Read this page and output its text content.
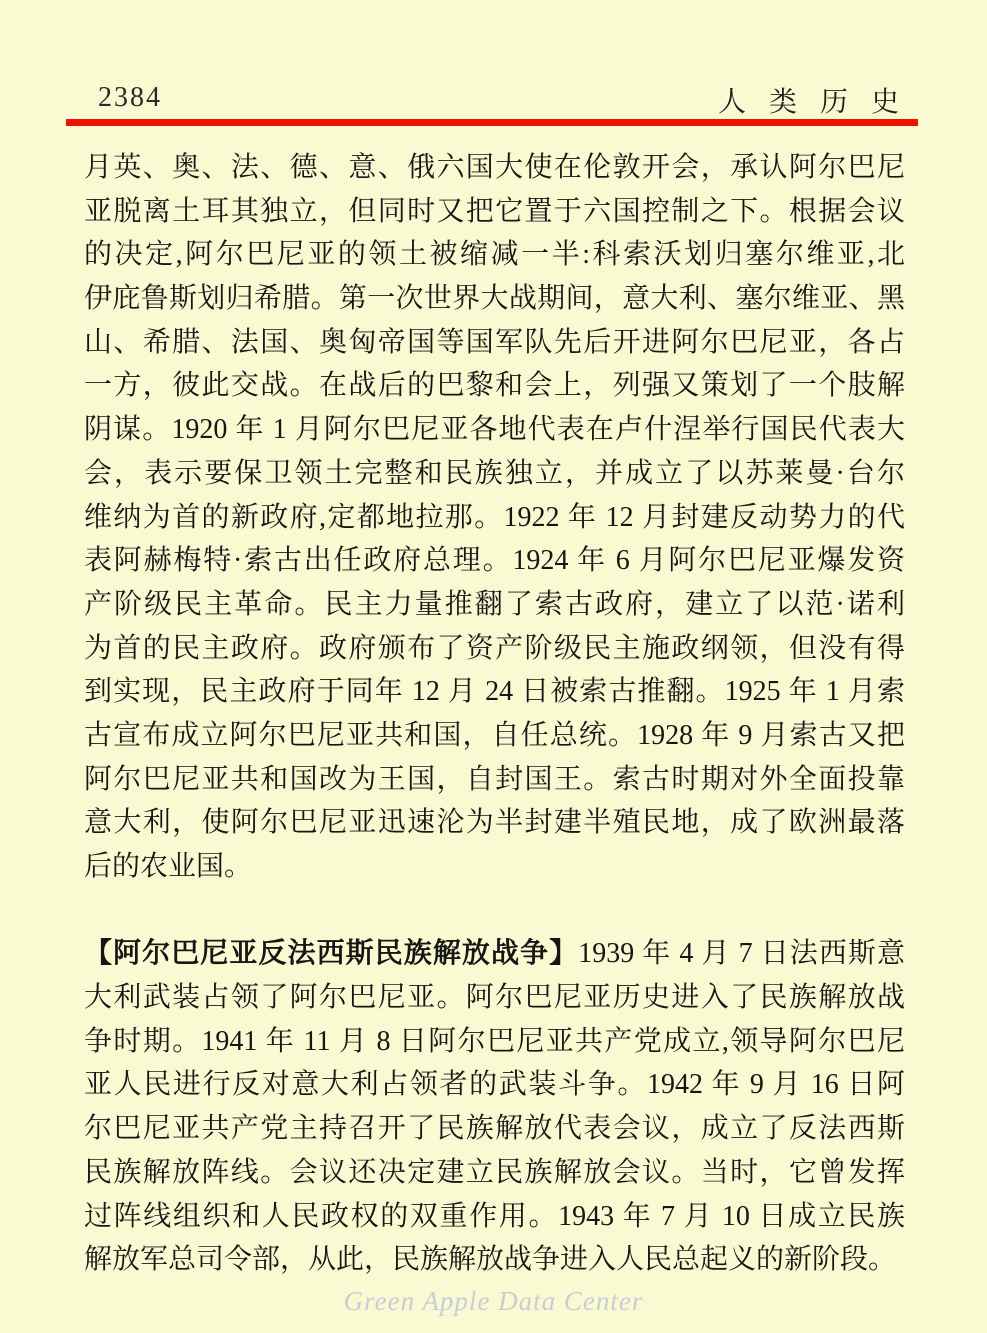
2384	人 类 历 史
月英、奥、法、德、意、俄六国大使在伦敦开会，承认阿尔巴尼
亚脱离土耳其独立，但同时又把它置于六国控制之下。根据会议
的决定,阿尔巴尼亚的领土被缩减一半:科索沃划归塞尔维亚,北
伊庇鲁斯划归希腊。第一次世界大战期间，意大利、塞尔维亚、黑
山、希腊、法国、奥匈帝国等国军队先后开进阿尔巴尼亚，各占
一方，彼此交战。在战后的巴黎和会上，列强又策划了一个肢解
阴谋。1920 年 1 月阿尔巴尼亚各地代表在卢什涅举行国民代表大
会，表示要保卫领土完整和民族独立，并成立了以苏莱曼·台尔
维纳为首的新政府,定都地拉那。1922 年 12 月封建反动势力的代
表阿赫梅特·索古出任政府总理。1924 年 6 月阿尔巴尼亚爆发资
产阶级民主革命。民主力量推翻了索古政府，建立了以范·诺利
为首的民主政府。政府颁布了资产阶级民主施政纲领，但没有得
到实现，民主政府于同年 12 月 24 日被索古推翻。1925 年 1 月索
古宣布成立阿尔巴尼亚共和国，自任总统。1928 年 9 月索古又把
阿尔巴尼亚共和国改为王国，自封国王。索古时期对外全面投靠
意大利，使阿尔巴尼亚迅速沦为半封建半殖民地，成了欧洲最落
后的农业国。
【阿尔巴尼亚反法西斯民族解放战争】1939 年 4 月 7 日法西斯意
大利武装占领了阿尔巴尼亚。阿尔巴尼亚历史进入了民族解放战
争时期。1941 年 11 月 8 日阿尔巴尼亚共产党成立,领导阿尔巴尼
亚人民进行反对意大利占领者的武装斗争。1942 年 9 月 16 日阿
尔巴尼亚共产党主持召开了民族解放代表会议，成立了反法西斯
民族解放阵线。会议还决定建立民族解放会议。当时，它曾发挥
过阵线组织和人民政权的双重作用。1943 年 7 月 10 日成立民族
解放军总司令部，从此，民族解放战争进入人民总起义的新阶段。
Green Apple Data Center
